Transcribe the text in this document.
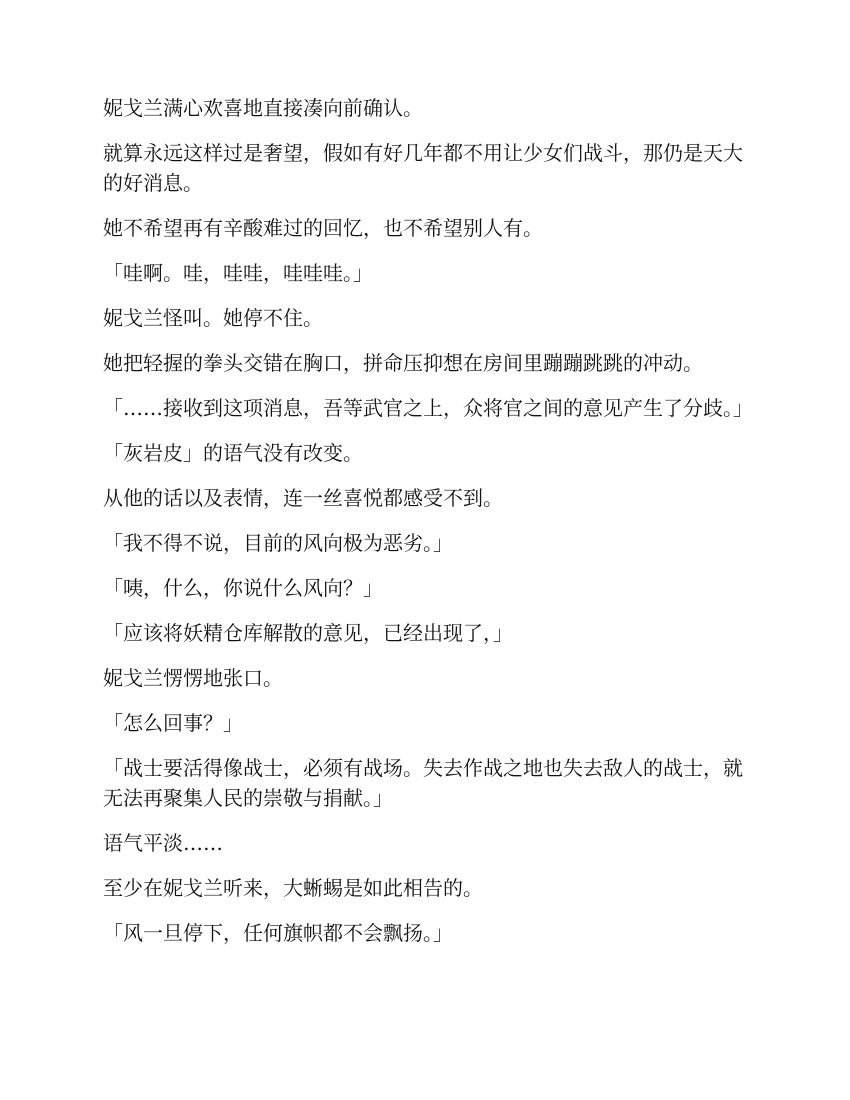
妮戈兰满心欢喜地直接凑向前确认。

就算永远这样过是奢望，假如有好几年都不用让少女们战斗，那仍是天大的好消息。

她不希望再有辛酸难过的回忆，也不希望别人有。

「哇啊。哇，哇哇，哇哇哇。」

妮戈兰怪叫。她停不住。

她把轻握的拳头交错在胸口，拼命压抑想在房间里蹦蹦跳跳的冲动。

「……接收到这项消息，吾等武官之上，众将官之间的意见产生了分歧。」

「灰岩皮」的语气没有改变。

从他的话以及表情，连一丝喜悦都感受不到。

「我不得不说，目前的风向极为恶劣。」

「咦，什么，你说什么风向？」

「应该将妖精仓库解散的意见，已经出现了，」

妮戈兰愣愣地张口。

「怎么回事？」

「战士要活得像战士，必须有战场。失去作战之地也失去敌人的战士，就无法再聚集人民的崇敬与捐献。」

语气平淡……

至少在妮戈兰听来，大蜥蜴是如此相告的。

「风一旦停下，任何旗帜都不会飘扬。」
